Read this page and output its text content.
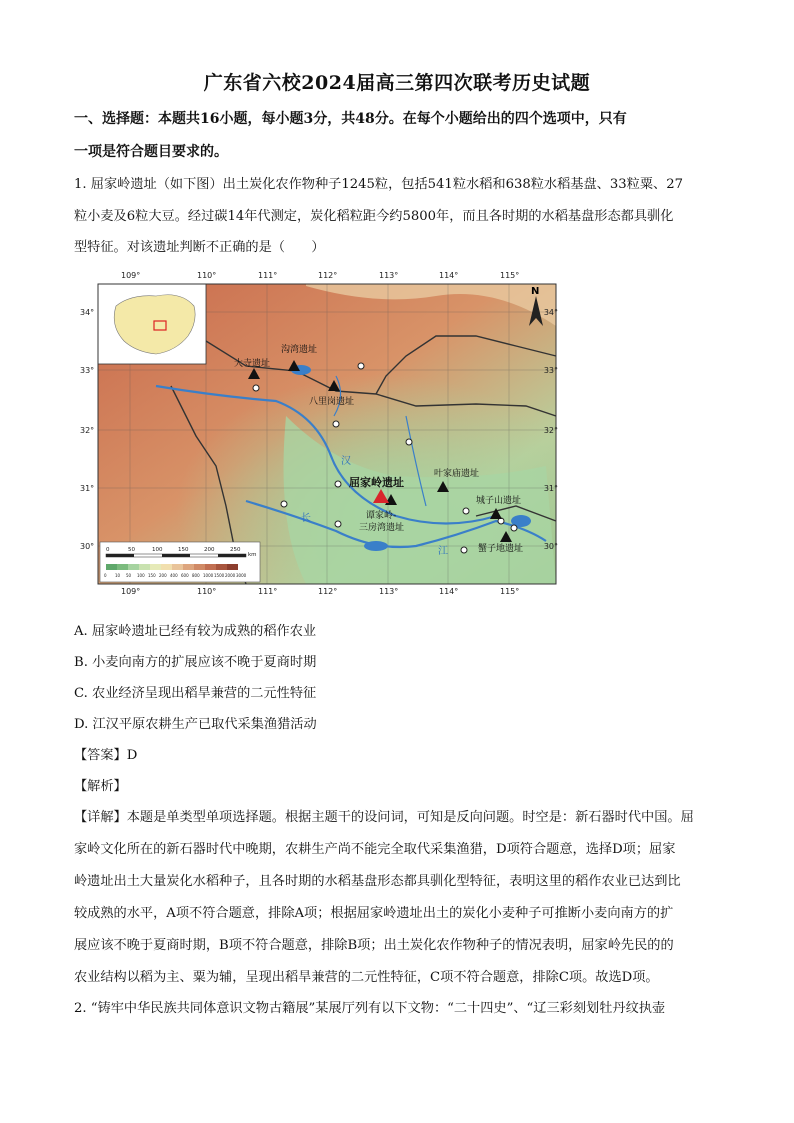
广东省六校2024届高三第四次联考历史试题
一、选择题：本题共16小题，每小题3分，共48分。在每个小题给出的四个选项中，只有
一项是符合题目要求的。
1. 屈家岭遗址（如下图）出土炭化农作物种子1245粒，包括541粒水稻和638粒水稻基盘、33粒粟、27
粒小麦及6粒大豆。经过碳14年代测定，炭化稻粒距今约5800年，而且各时期的水稻基盘形态都具驯化
型特征。对该遗址判断不正确的是（　　）
109°	110°	111°	112°	113°	114°	115°
109°	110°	111°	112°	113°	114°	115°
34°
33°
32°
31°
30°
34°
33°
32°
31°
30°
N
汉
长
江
沟湾遗址
大寺遗址
八里岗遗址
屈家岭遗址
叶家庙遗址
谭家岭-
三房湾遗址
城子山遗址
蟹子地遗址
0	50	100	150	200	250
km
0 10 50 100 150 200 400 600 800 1000 1500 2000 3000
A. 屈家岭遗址已经有较为成熟的稻作农业
B. 小麦向南方的扩展应该不晚于夏商时期
C. 农业经济呈现出稻旱兼营的二元性特征
D. 江汉平原农耕生产已取代采集渔猎活动
【答案】D
【解析】
【详解】本题是单类型单项选择题。根据主题干的设问词，可知是反向问题。时空是：新石器时代中国。屈
家岭文化所在的新石器时代中晚期，农耕生产尚不能完全取代采集渔猎，D项符合题意，选择D项；屈家
岭遗址出土大量炭化水稻种子，且各时期的水稻基盘形态都具驯化型特征，表明这里的稻作农业已达到比
较成熟的水平，A项不符合题意，排除A项；根据屈家岭遗址出土的炭化小麦种子可推断小麦向南方的扩
展应该不晚于夏商时期，B项不符合题意，排除B项；出土炭化农作物种子的情况表明，屈家岭先民的的
农业结构以稻为主、粟为辅，呈现出稻旱兼营的二元性特征，C项不符合题意，排除C项。故选D项。
2. “铸牢中华民族共同体意识文物古籍展”某展厅列有以下文物：“二十四史”、“辽三彩刻划牡丹纹执壶
